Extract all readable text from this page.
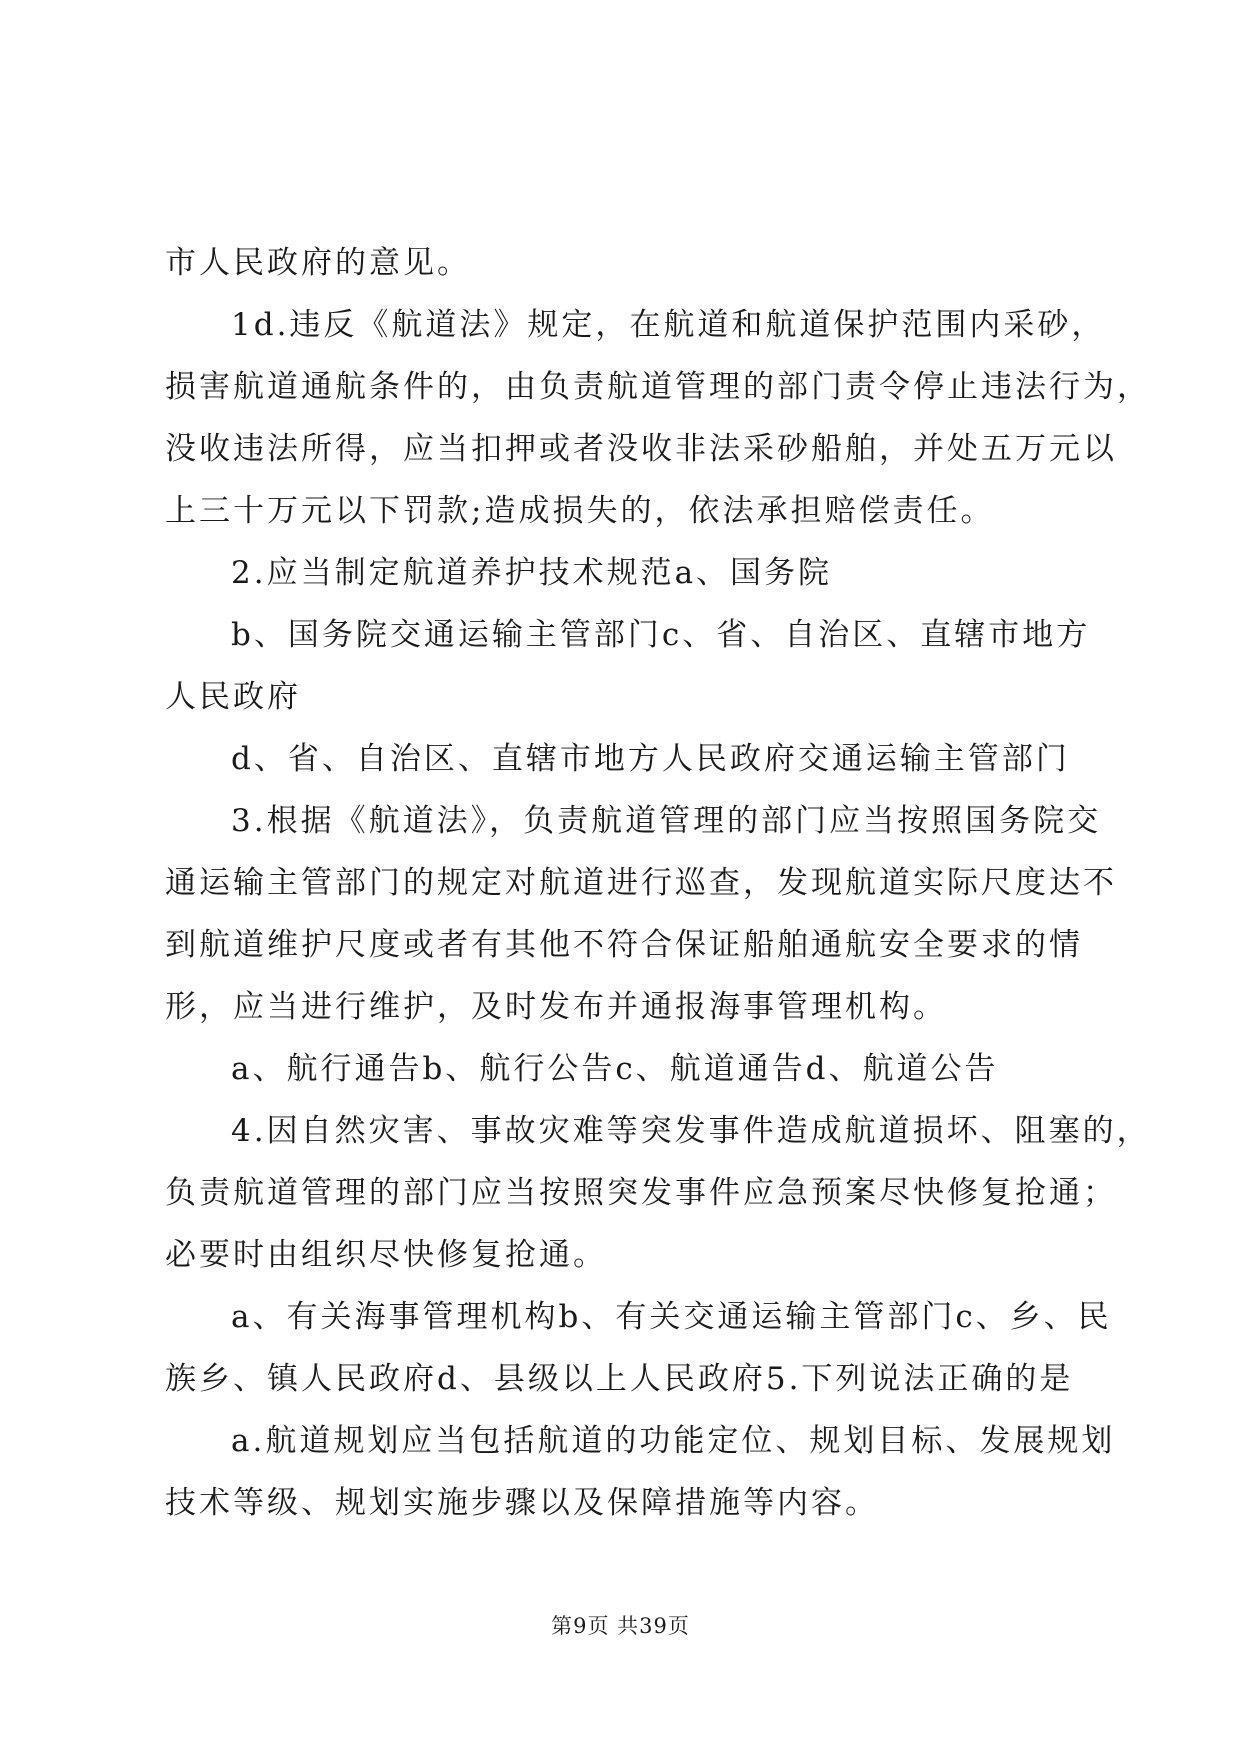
市人民政府的意见。
1d.违反《航道法》规定，在航道和航道保护范围内采砂，
损害航道通航条件的，由负责航道管理的部门责令停止违法行为，
没收违法所得，应当扣押或者没收非法采砂船舶，并处五万元以
上三十万元以下罚款;造成损失的，依法承担赔偿责任。
2.应当制定航道养护技术规范a、国务院
b、国务院交通运输主管部门c、省、自治区、直辖市地方
人民政府
d、省、自治区、直辖市地方人民政府交通运输主管部门
3.根据《航道法》，负责航道管理的部门应当按照国务院交
通运输主管部门的规定对航道进行巡查，发现航道实际尺度达不
到航道维护尺度或者有其他不符合保证船舶通航安全要求的情
形，应当进行维护，及时发布并通报海事管理机构。
a、航行通告b、航行公告c、航道通告d、航道公告
4.因自然灾害、事故灾难等突发事件造成航道损坏、阻塞的，
负责航道管理的部门应当按照突发事件应急预案尽快修复抢通；
必要时由组织尽快修复抢通。
a、有关海事管理机构b、有关交通运输主管部门c、乡、民
族乡、镇人民政府d、县级以上人民政府5.下列说法正确的是
a.航道规划应当包括航道的功能定位、规划目标、发展规划
技术等级、规划实施步骤以及保障措施等内容。
第9页 共39页
